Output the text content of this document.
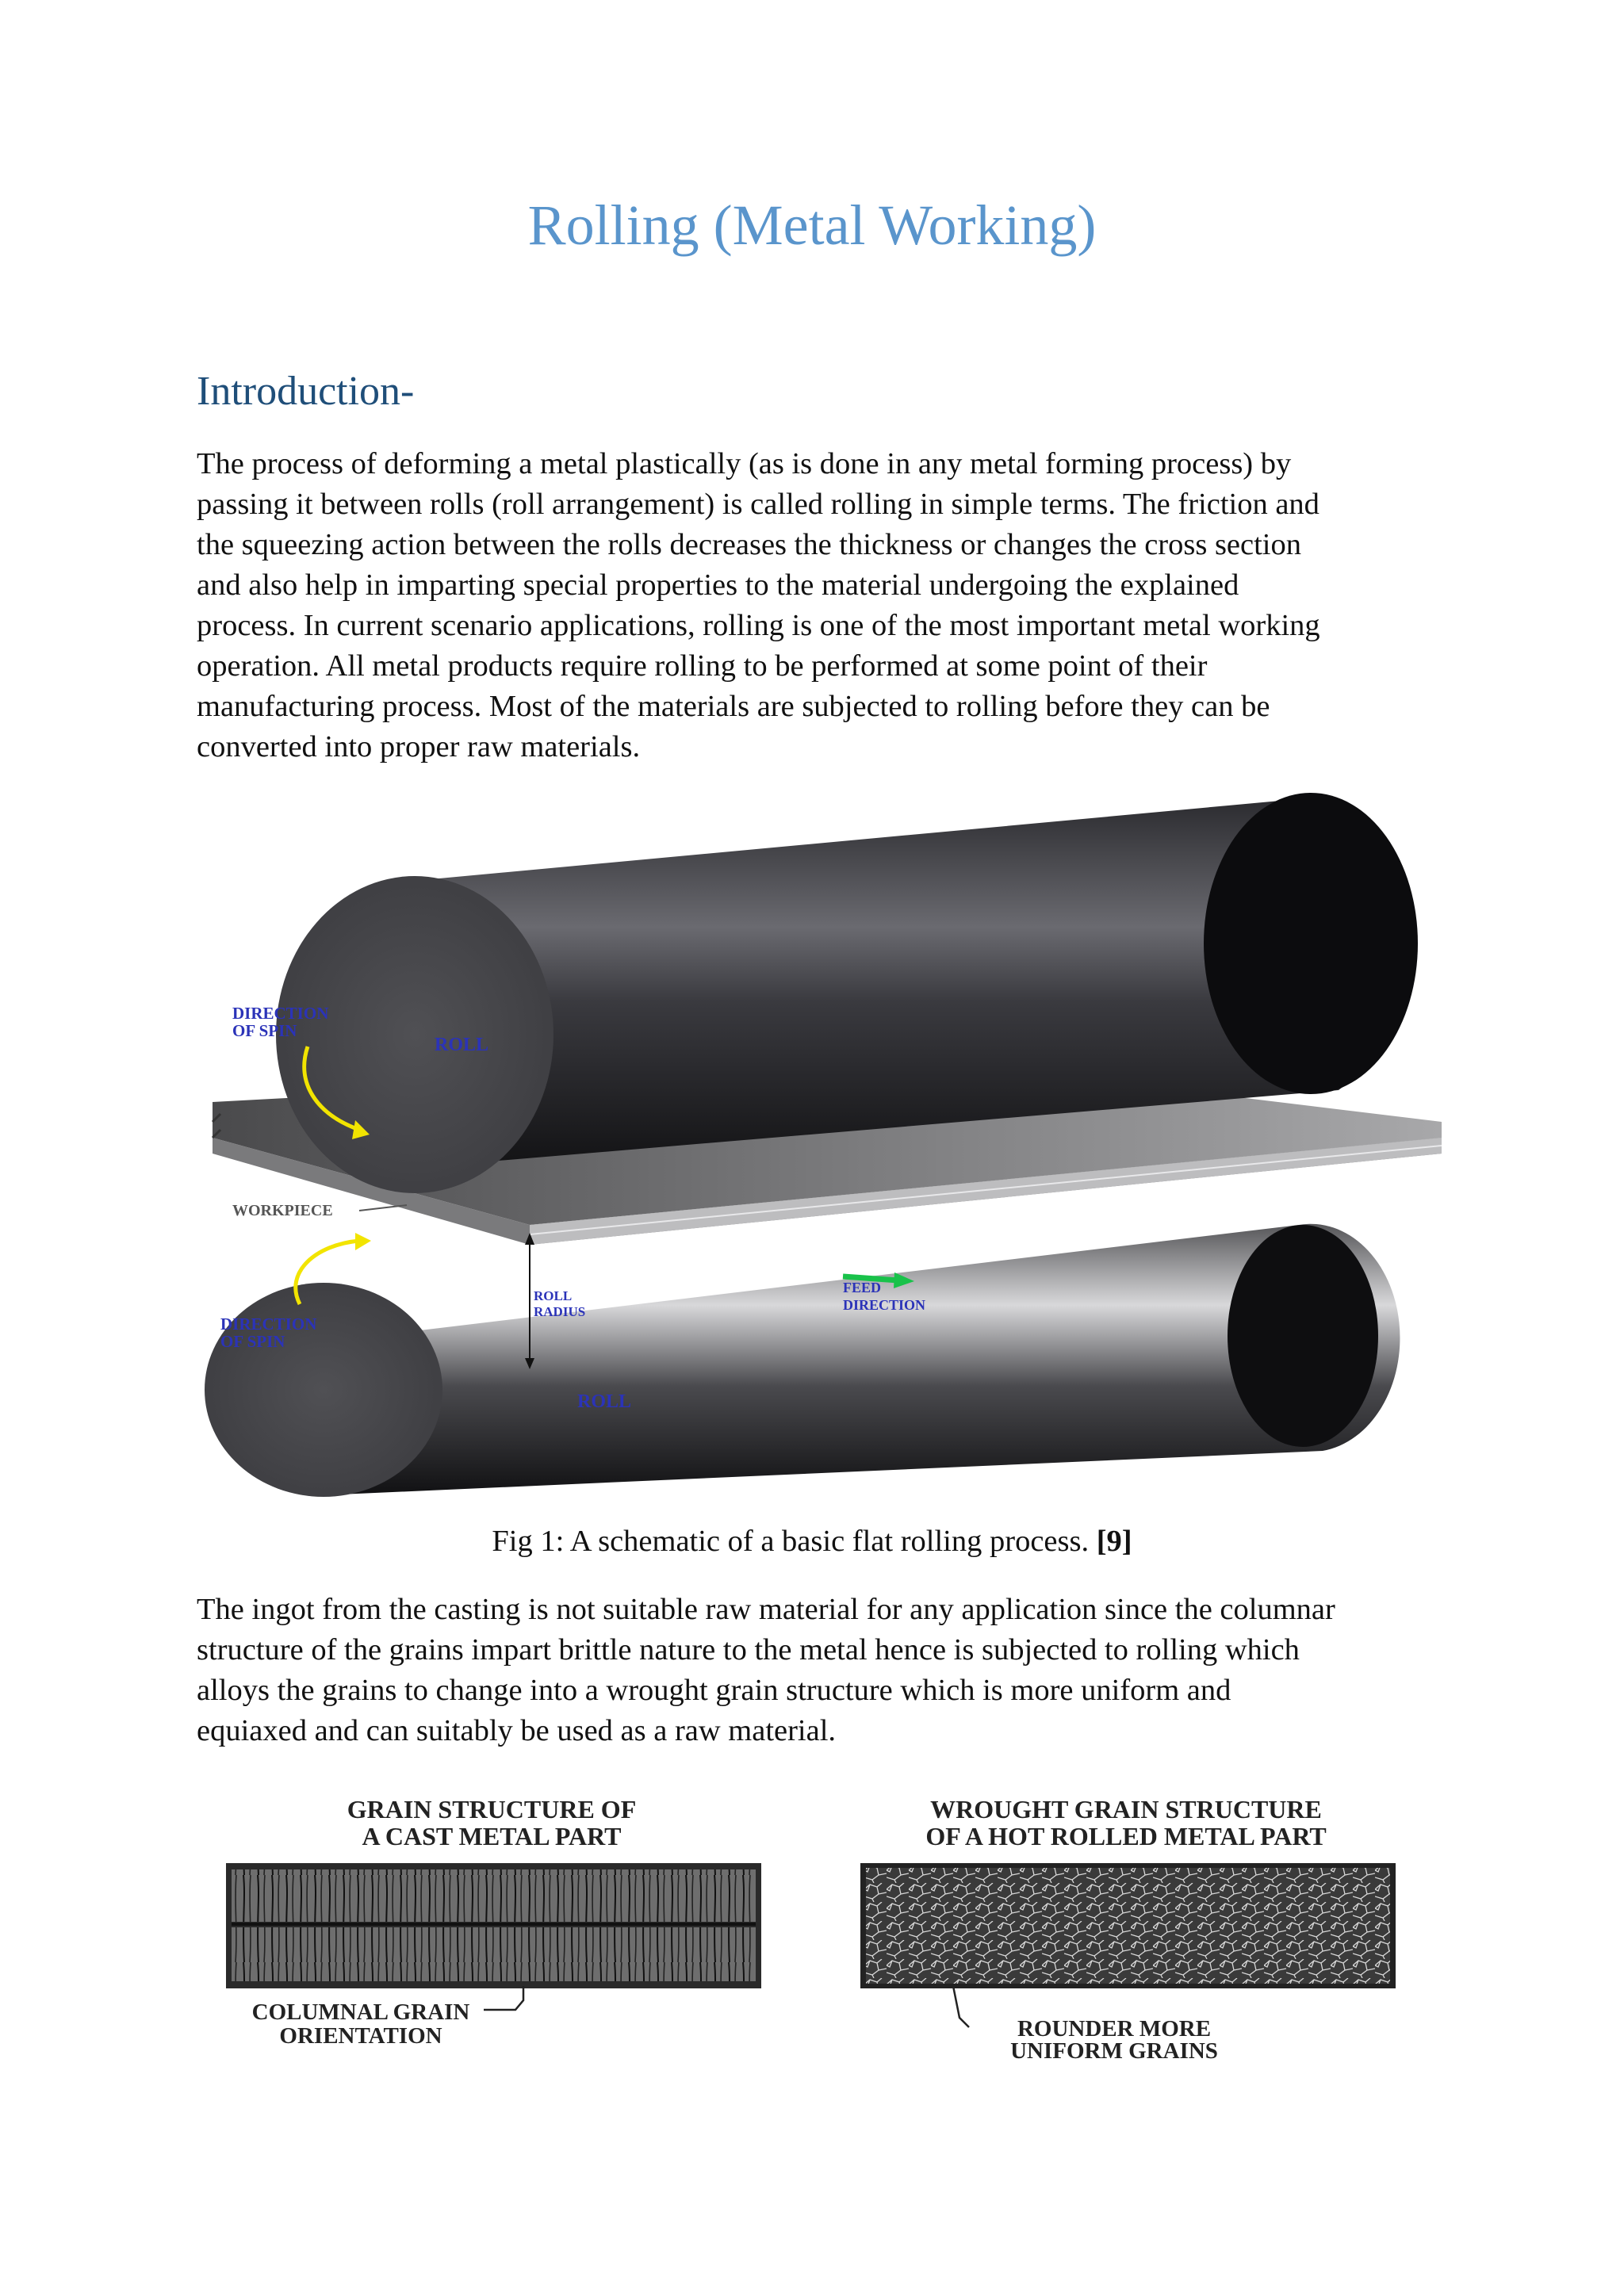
Rolling (Metal Working)
Introduction-
The process of deforming a metal plastically (as is done in any metal forming process) by
passing it between rolls (roll arrangement) is called rolling in simple terms. The friction and
the squeezing action between the rolls decreases the thickness or changes the cross section
and also help in imparting special properties to the material undergoing the explained
process. In current scenario applications, rolling is one of the most important metal working
operation. All metal products require rolling to be performed at some point of their
manufacturing process. Most of the materials are subjected to rolling before they can be
converted into proper raw materials.
DIRECTION
OF SPIN
ROLL
ROLL
RADIUS
FEED
DIRECTION
DIRECTION
OF SPIN
ROLL
WORKPIECE
Fig 1: A schematic of a basic flat rolling process. [9]
The ingot from the casting is not suitable raw material for any application since the columnar
structure of the grains impart brittle nature to the metal hence is subjected to rolling which
alloys the grains to change into a wrought grain structure which is more uniform and
equiaxed and can suitably be used as a raw material.
GRAIN STRUCTURE OF
A CAST METAL PART
WROUGHT GRAIN STRUCTURE
OF A HOT ROLLED METAL PART
COLUMNAL GRAIN
ORIENTATION	ROUNDER MORE
UNIFORM GRAINS
